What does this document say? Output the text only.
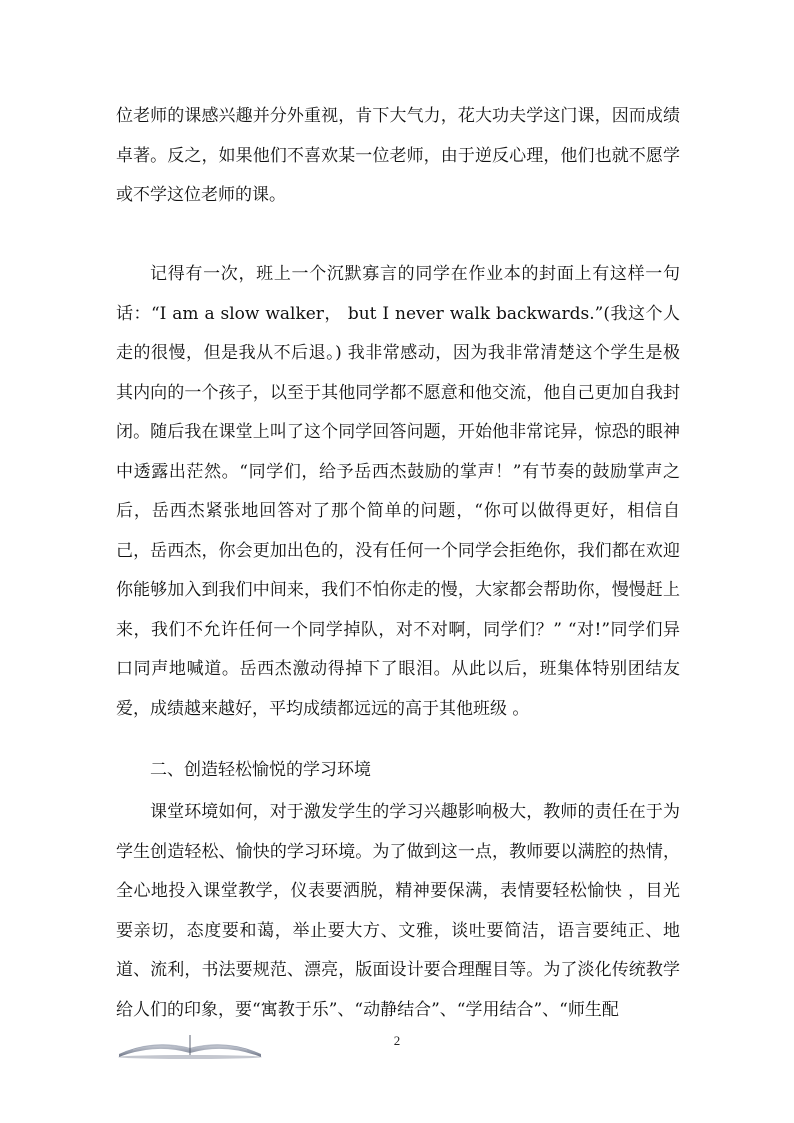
位老师的课感兴趣并分外重视，肯下大气力，花大功夫学这门课，因而成绩卓著。反之，如果他们不喜欢某一位老师，由于逆反心理，他们也就不愿学或不学这位老师的课。

记得有一次，班上一个沉默寡言的同学在作业本的封面上有这样一句话：“I am a slow walker， but I never walk backwards.”(我这个人走的很慢，但是我从不后退。) 我非常感动，因为我非常清楚这个学生是极其内向的一个孩子，以至于其他同学都不愿意和他交流，他自己更加自我封闭。随后我在课堂上叫了这个同学回答问题，开始他非常诧异，惊恐的眼神中透露出茫然。“同学们，给予岳西杰鼓励的掌声！”有节奏的鼓励掌声之后，岳西杰紧张地回答对了那个简单的问题，“你可以做得更好，相信自己，岳西杰，你会更加出色的，没有任何一个同学会拒绝你，我们都在欢迎你能够加入到我们中间来，我们不怕你走的慢，大家都会帮助你，慢慢赶上来，我们不允许任何一个同学掉队，对不对啊，同学们？” “对!”同学们异口同声地喊道。岳西杰激动得掉下了眼泪。从此以后，班集体特别团结友爱，成绩越来越好，平均成绩都远远的高于其他班级 。

二、创造轻松愉悦的学习环境

课堂环境如何，对于激发学生的学习兴趣影响极大，教师的责任在于为学生创造轻松、愉快的学习环境。为了做到这一点，教师要以满腔的热情，全心地投入课堂教学，仪表要洒脱，精神要保满，表情要轻松愉快 ，目光要亲切，态度要和蔼，举止要大方、文雅，谈吐要简洁，语言要纯正、地道、流利，书法要规范、漂亮，版面设计要合理醒目等。为了淡化传统教学给人们的印象，要“寓教于乐”、“动静结合”、“学用结合”、“师生配

2
